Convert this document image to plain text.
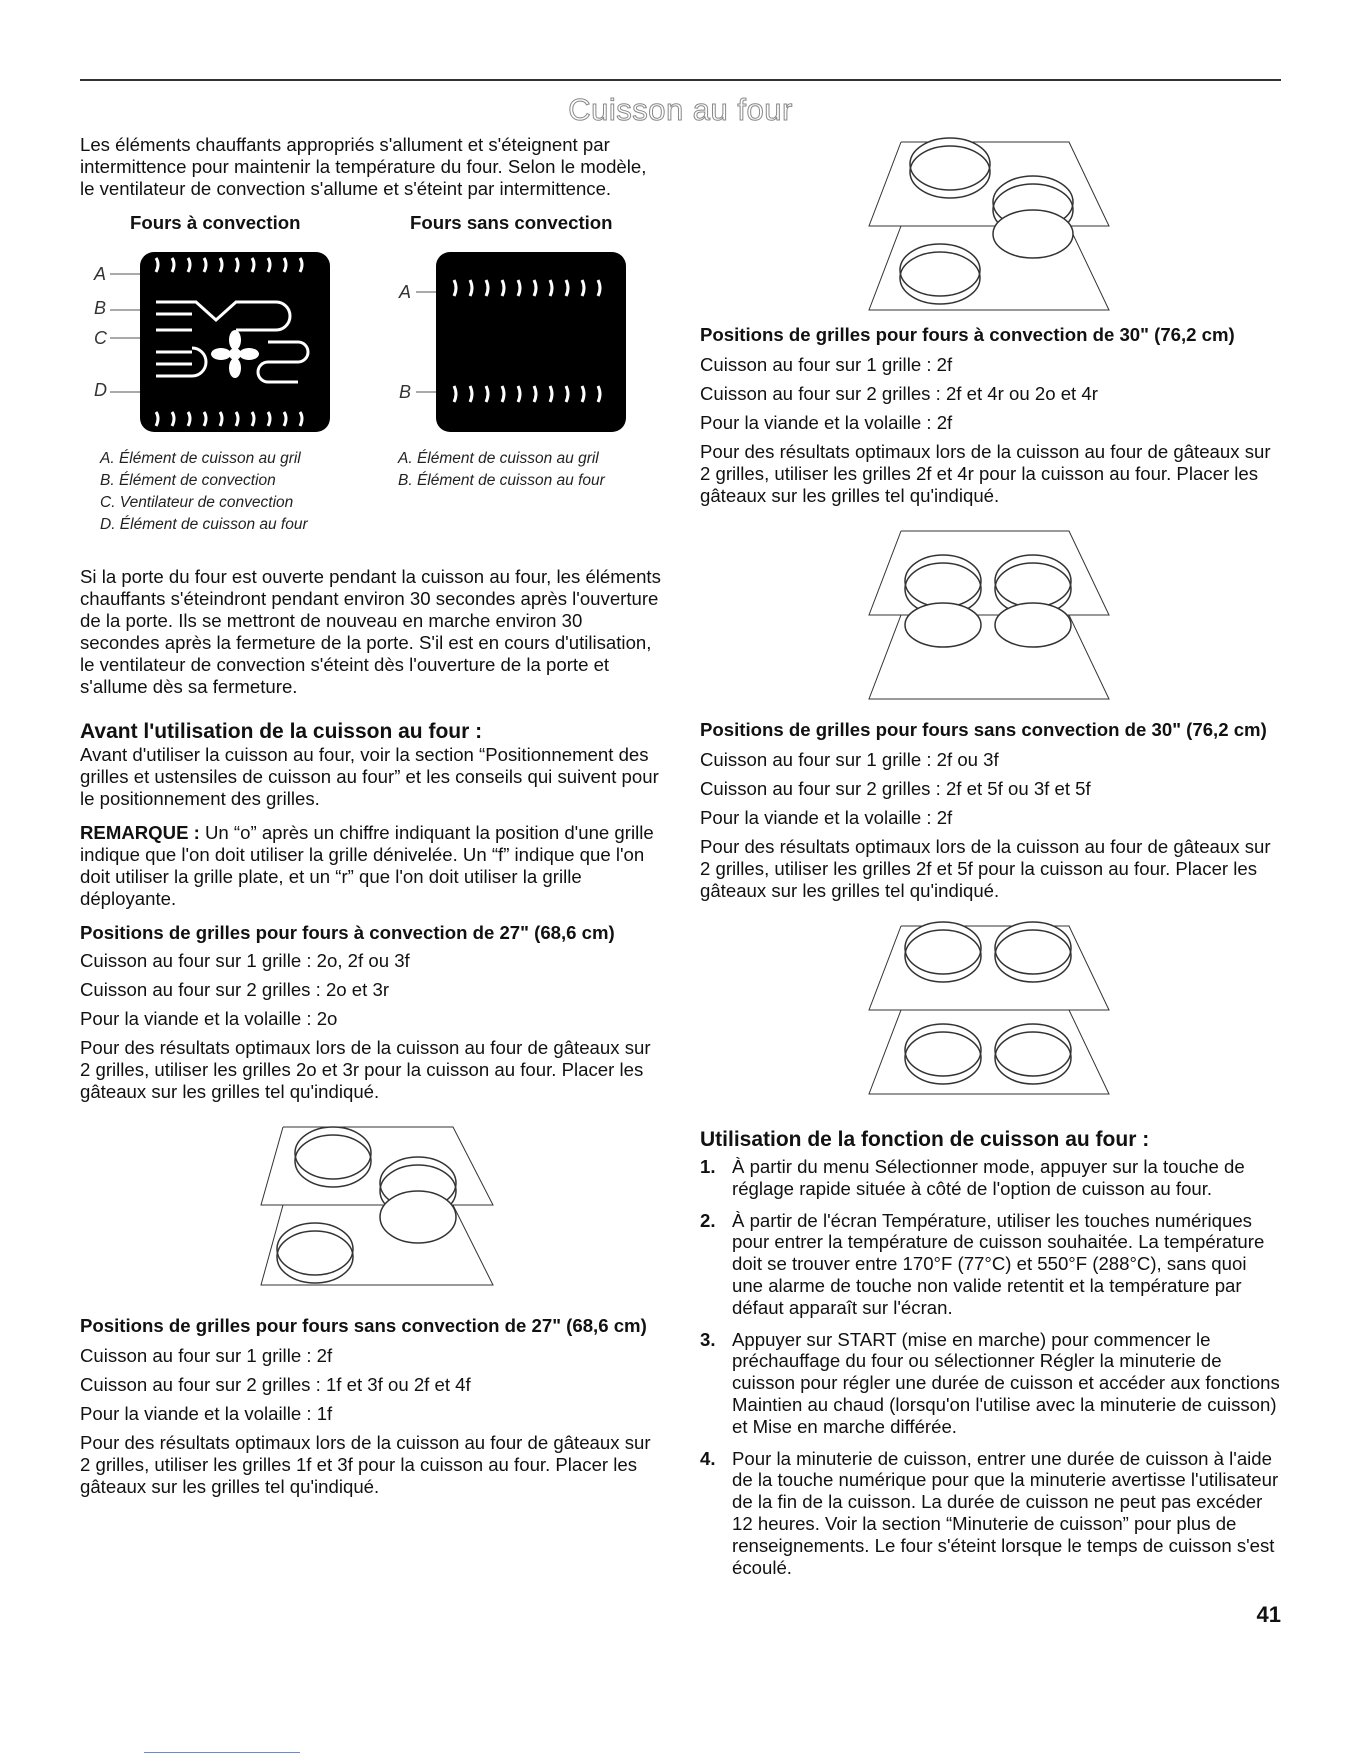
Cuisson au four

Les éléments chauffants appropriés s'allument et s'éteignent par intermittence pour maintenir la température du four. Selon le modèle, le ventilateur de convection s'allume et s'éteint par intermittence.

Fours à convection	Fours sans convection
A
B
C
D
A
B
A. Élément de cuisson au gril
B. Élément de convection
C. Ventilateur de convection
D. Élément de cuisson au four
A. Élément de cuisson au gril
B. Élément de cuisson au four

Si la porte du four est ouverte pendant la cuisson au four, les éléments chauffants s'éteindront pendant environ 30 secondes après l'ouverture de la porte. Ils se mettront de nouveau en marche environ 30 secondes après la fermeture de la porte. S'il est en cours d'utilisation, le ventilateur de convection s'éteint dès l'ouverture de la porte et s'allume dès sa fermeture.

Avant l'utilisation de la cuisson au four :

Avant d'utiliser la cuisson au four, voir la section “Positionnement des grilles et ustensiles de cuisson au four” et les conseils qui suivent pour le positionnement des grilles.

REMARQUE : Un “o” après un chiffre indiquant la position d'une grille indique que l'on doit utiliser la grille dénivelée. Un “f” indique que l'on doit utiliser la grille plate, et un “r” que l'on doit utiliser la grille déployante.

Positions de grilles pour fours à convection de 27" (68,6 cm)

Cuisson au four sur 1 grille : 2o, 2f ou 3f

Cuisson au four sur 2 grilles : 2o et 3r

Pour la viande et la volaille : 2o

Pour des résultats optimaux lors de la cuisson au four de gâteaux sur 2 grilles, utiliser les grilles 2o et 3r pour la cuisson au four. Placer les gâteaux sur les grilles tel qu'indiqué.

Positions de grilles pour fours sans convection de 27" (68,6 cm)

Cuisson au four sur 1 grille : 2f

Cuisson au four sur 2 grilles : 1f et 3f ou 2f et 4f

Pour la viande et la volaille : 1f

Pour des résultats optimaux lors de la cuisson au four de gâteaux sur 2 grilles, utiliser les grilles 1f et 3f pour la cuisson au four. Placer les gâteaux sur les grilles tel qu'indiqué.

Positions de grilles pour fours à convection de 30" (76,2 cm)

Cuisson au four sur 1 grille : 2f

Cuisson au four sur 2 grilles : 2f et 4r ou 2o et 4r

Pour la viande et la volaille : 2f

Pour des résultats optimaux lors de la cuisson au four de gâteaux sur 2 grilles, utiliser les grilles 2f et 4r pour la cuisson au four. Placer les gâteaux sur les grilles tel qu'indiqué.

Positions de grilles pour fours sans convection de 30" (76,2 cm)

Cuisson au four sur 1 grille : 2f ou 3f

Cuisson au four sur 2 grilles : 2f et 5f ou 3f et 5f

Pour la viande et la volaille : 2f

Pour des résultats optimaux lors de la cuisson au four de gâteaux sur 2 grilles, utiliser les grilles 2f et 5f pour la cuisson au four. Placer les gâteaux sur les grilles tel qu'indiqué.

Utilisation de la fonction de cuisson au four :
1. À partir du menu Sélectionner mode, appuyer sur la touche de réglage rapide située à côté de l'option de cuisson au four.
2. À partir de l'écran Température, utiliser les touches numériques pour entrer la température de cuisson souhaitée. La température doit se trouver entre 170°F (77°C) et 550°F (288°C), sans quoi une alarme de touche non valide retentit et la température par défaut apparaît sur l'écran.
3. Appuyer sur START (mise en marche) pour commencer le préchauffage du four ou sélectionner Régler la minuterie de cuisson pour régler une durée de cuisson et accéder aux fonctions Maintien au chaud (lorsqu'on l'utilise avec la minuterie de cuisson) et Mise en marche différée.
4. Pour la minuterie de cuisson, entrer une durée de cuisson à l'aide de la touche numérique pour que la minuterie avertisse l'utilisateur de la fin de la cuisson. La durée de cuisson ne peut pas excéder 12 heures. Voir la section “Minuterie de cuisson” pour plus de renseignements. Le four s'éteint lorsque le temps de cuisson s'est écoulé.
41
